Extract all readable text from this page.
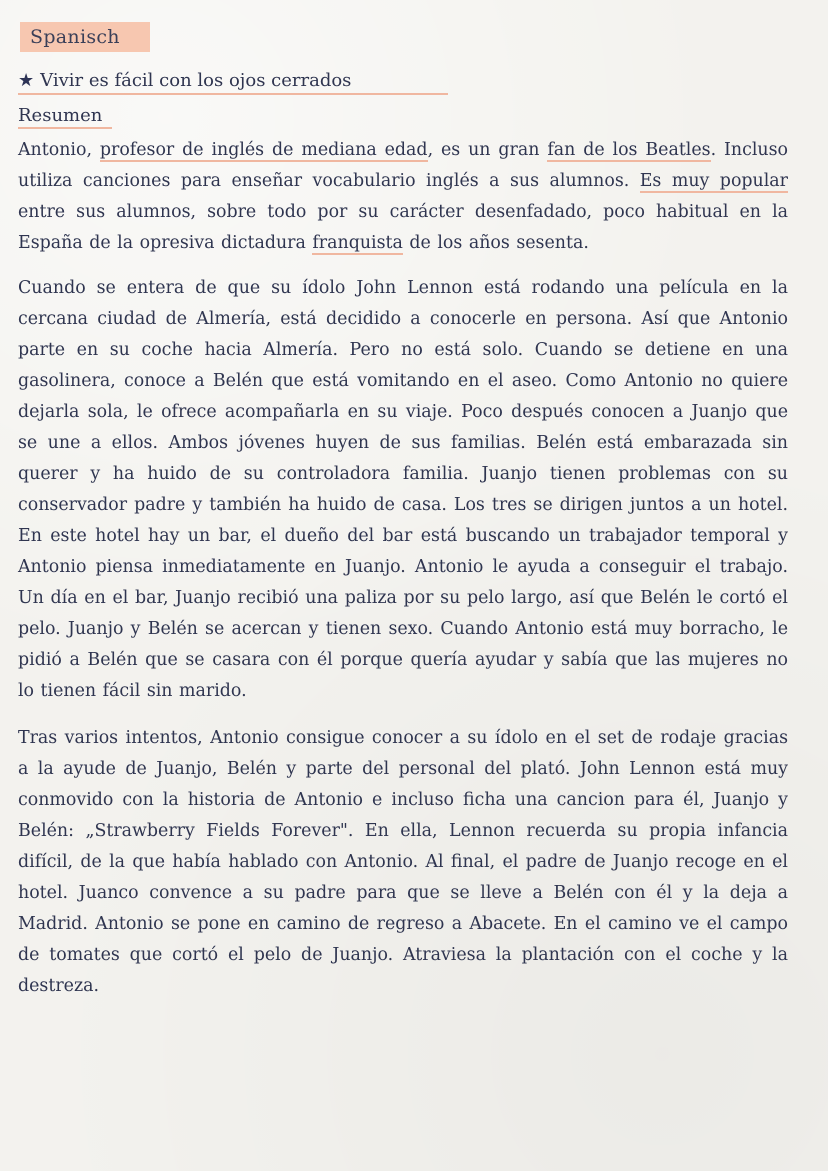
Spanisch
★ Vivir es fácil con los ojos cerrados
Resumen

Antonio, profesor de inglés de mediana edad, es un gran fan de los Beatles. Incluso utiliza canciones para enseñar vocabulario inglés a sus alumnos. Es muy popular entre sus alumnos, sobre todo por su carácter desenfadado, poco habitual en la España de la opresiva dictadura franquista de los años sesenta.

Cuando se entera de que su ídolo John Lennon está rodando una película en la cercana ciudad de Almería, está decidido a conocerle en persona. Así que Antonio parte en su coche hacia Almería. Pero no está solo. Cuando se detiene en una gasolinera, conoce a Belén que está vomitando en el aseo. Como Antonio no quiere dejarla sola, le ofrece acompañarla en su viaje. Poco después conocen a Juanjo que se une a ellos. Ambos jóvenes huyen de sus familias. Belén está embarazada sin querer y ha huido de su controladora familia. Juanjo tienen problemas con su conservador padre y también ha huido de casa. Los tres se dirigen juntos a un hotel. En este hotel hay un bar, el dueño del bar está buscando un trabajador temporal y Antonio piensa inmediatamente en Juanjo. Antonio le ayuda a conseguir el trabajo. Un día en el bar, Juanjo recibió una paliza por su pelo largo, así que Belén le cortó el pelo. Juanjo y Belén se acercan y tienen sexo. Cuando Antonio está muy borracho, le pidió a Belén que se casara con él porque quería ayudar y sabía que las mujeres no lo tienen fácil sin marido.

Tras varios intentos, Antonio consigue conocer a su ídolo en el set de rodaje gracias a la ayude de Juanjo, Belén y parte del personal del plató. John Lennon está muy conmovido con la historia de Antonio e incluso ficha una cancion para él, Juanjo y Belén: „Strawberry Fields Forever". En ella, Lennon recuerda su propia infancia difícil, de la que había hablado con Antonio. Al final, el padre de Juanjo recoge en el hotel. Juanco convence a su padre para que se lleve a Belén con él y la deja a Madrid. Antonio se pone en camino de regreso a Abacete. En el camino ve el campo de tomates que cortó el pelo de Juanjo. Atraviesa la plantación con el coche y la destreza.
